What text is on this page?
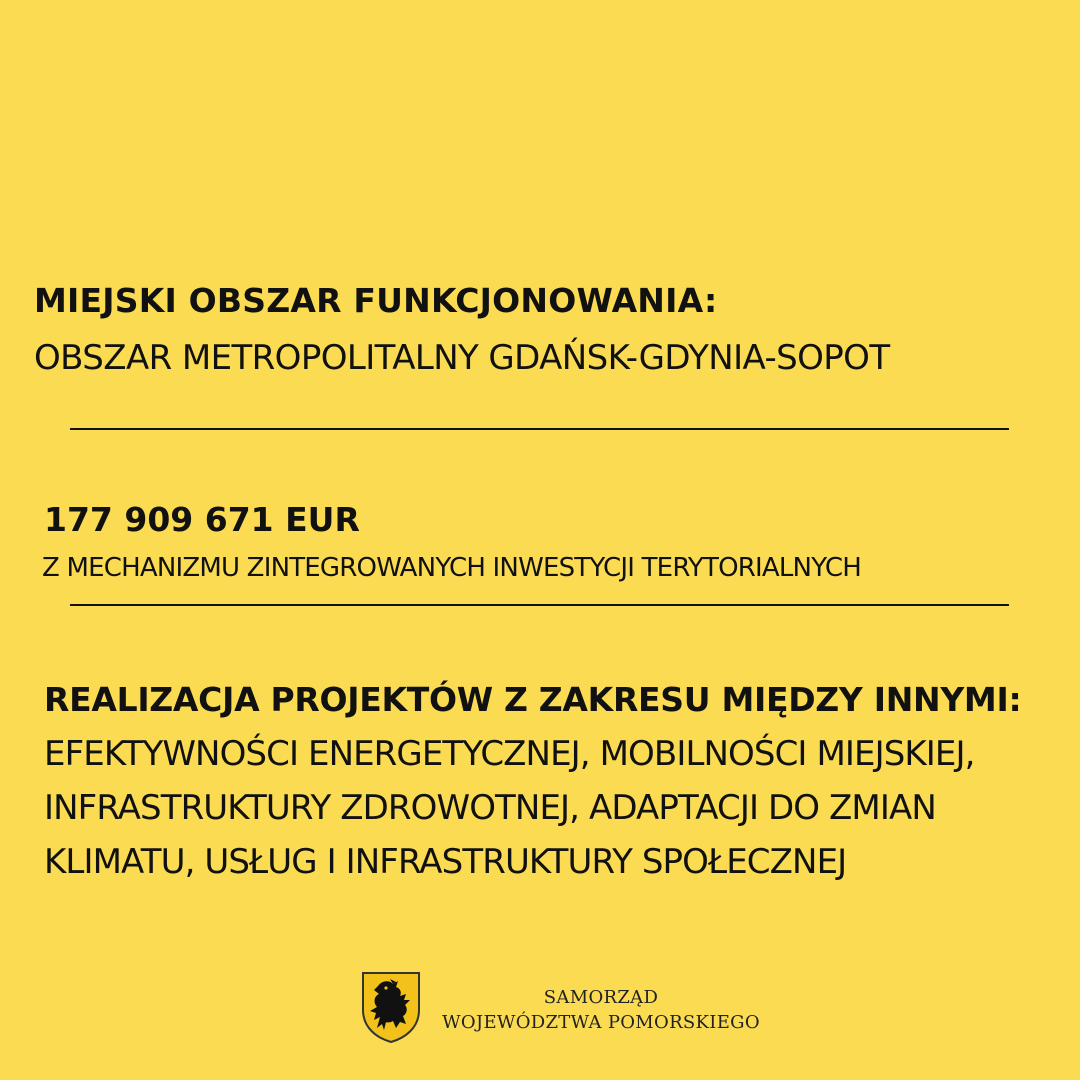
MIEJSKI OBSZAR FUNKCJONOWANIA:
OBSZAR METROPOLITALNY GDAŃSK-GDYNIA-SOPOT
177 909 671 EUR
Z MECHANIZMU ZINTEGROWANYCH INWESTYCJI TERYTORIALNYCH
REALIZACJA PROJEKTÓW Z ZAKRESU MIĘDZY INNYMI:
EFEKTYWNOŚCI ENERGETYCZNEJ, MOBILNOŚCI MIEJSKIEJ,
INFRASTRUKTURY ZDROWOTNEJ, ADAPTACJI DO ZMIAN
KLIMATU, USŁUG I INFRASTRUKTURY SPOŁECZNEJ
SAMORZĄD
WOJEWÓDZTWA POMORSKIEGO
